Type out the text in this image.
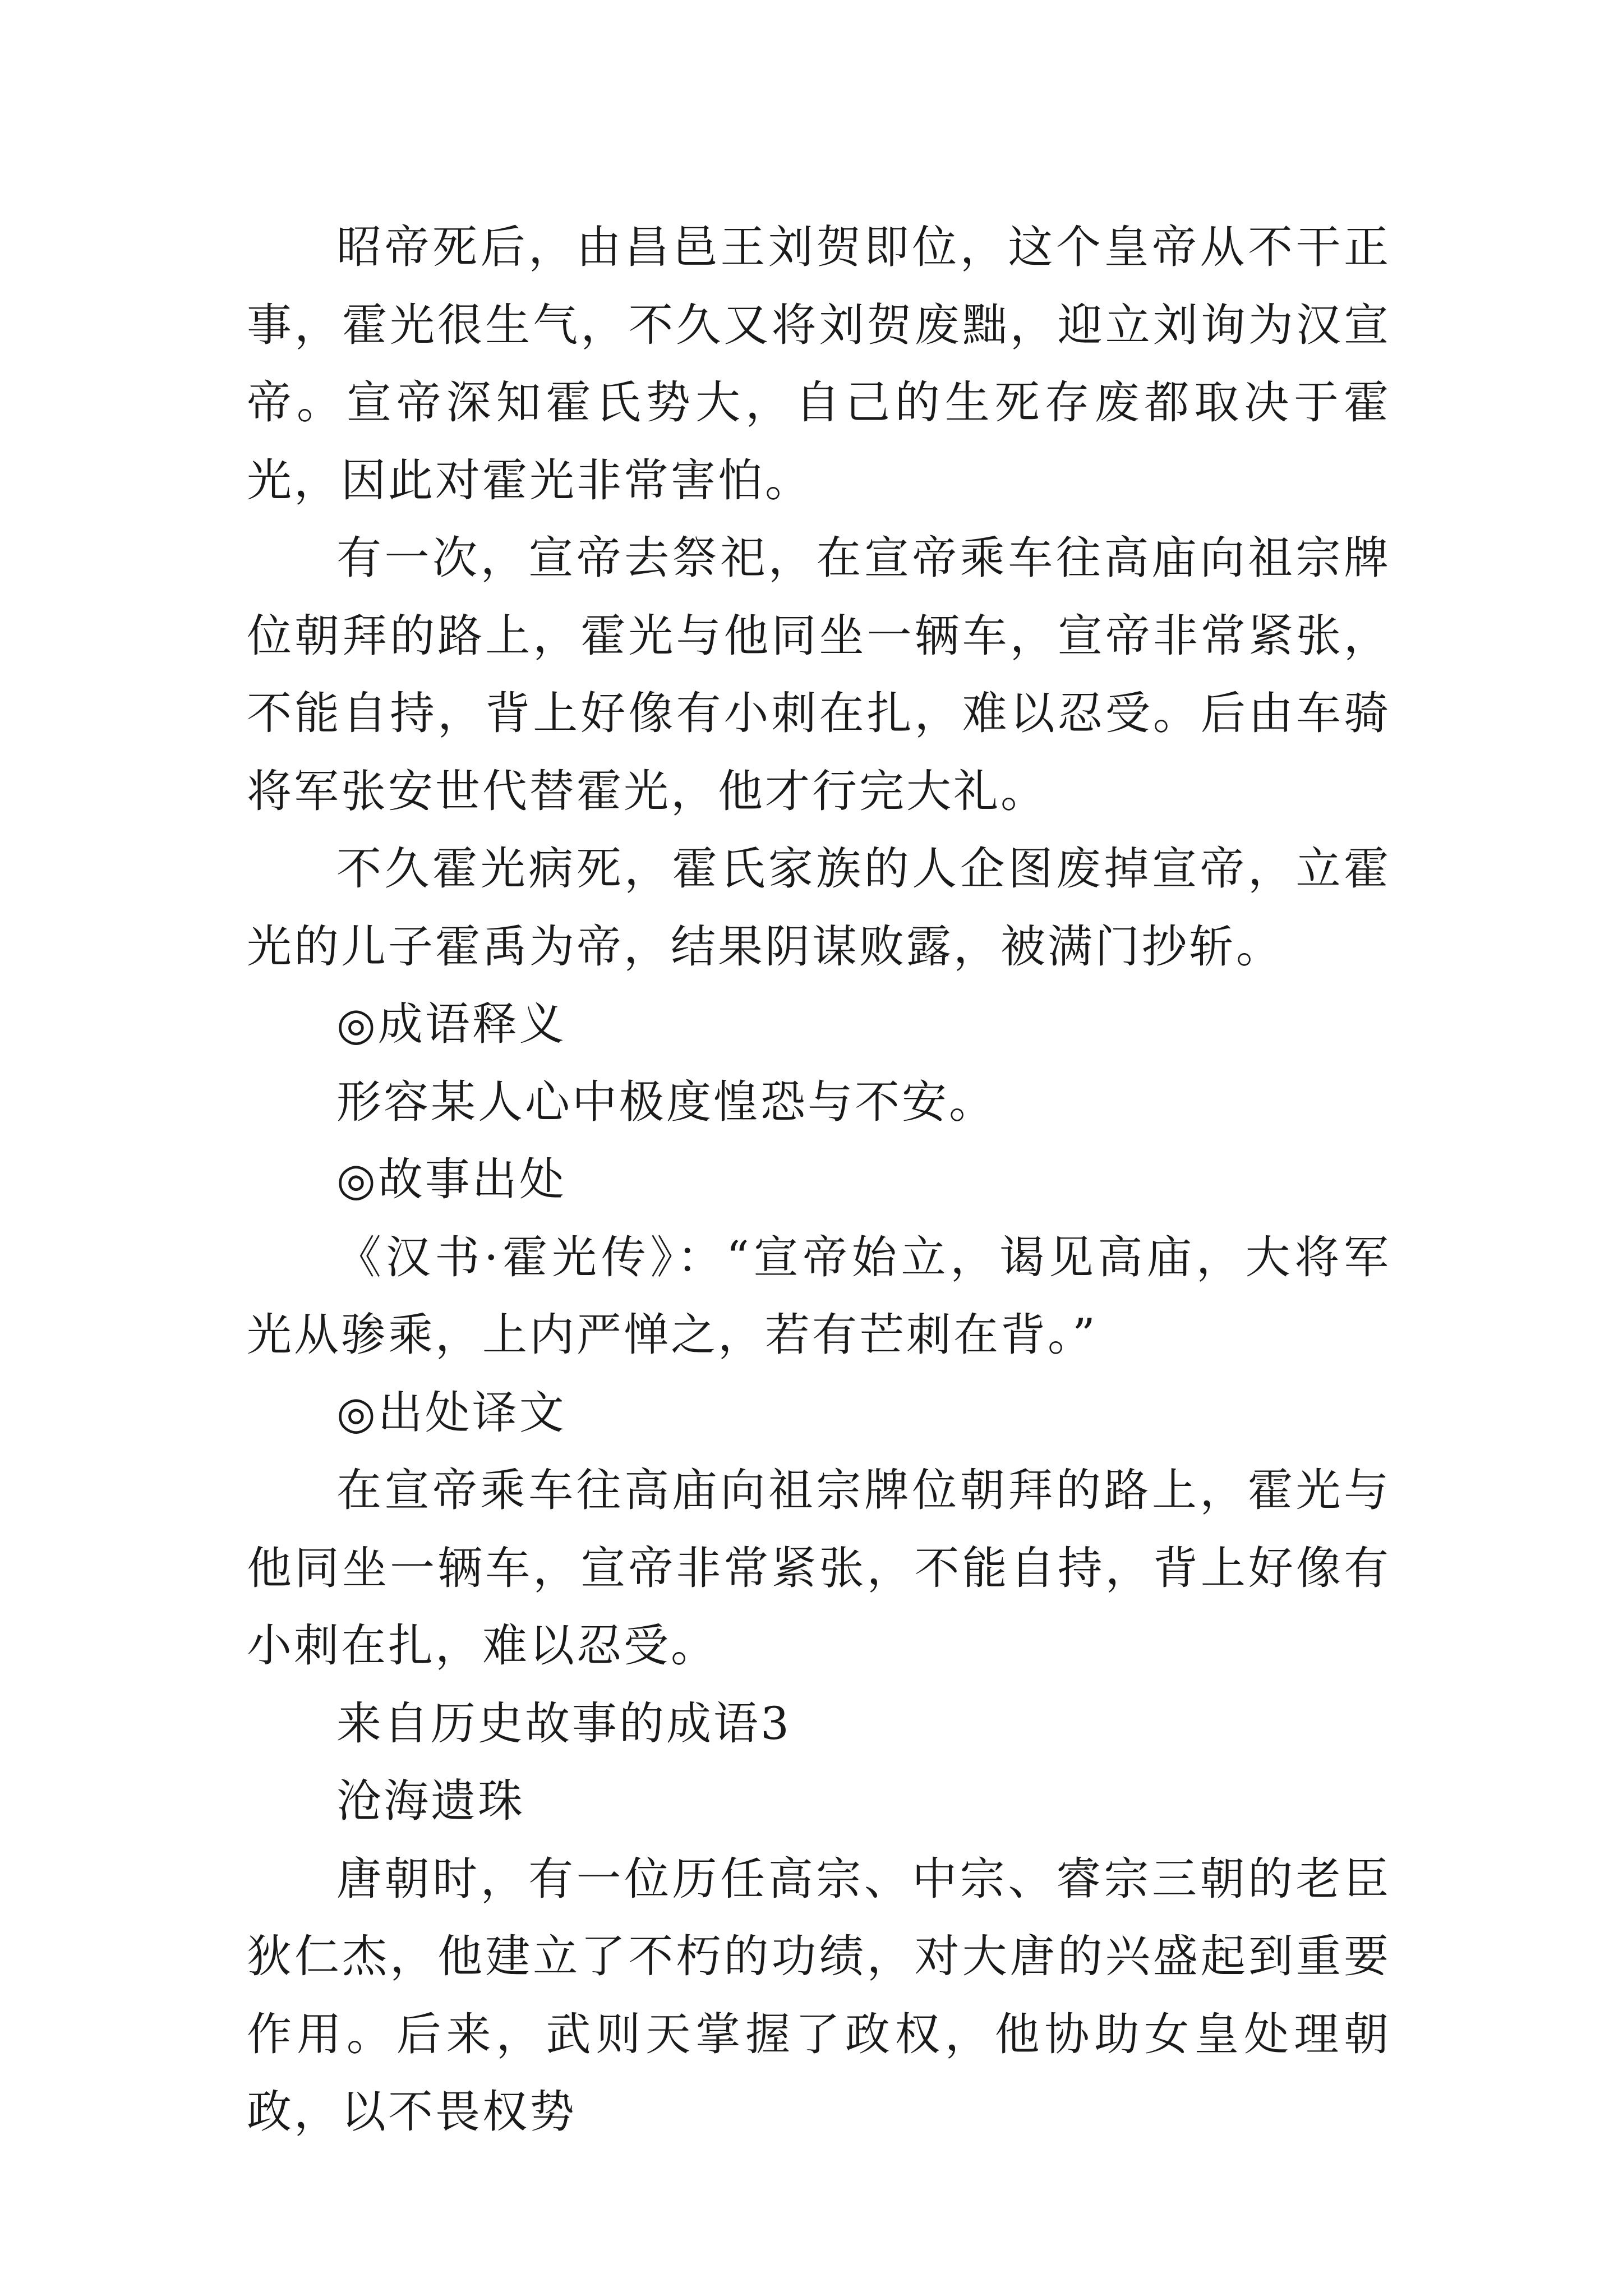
昭帝死后，由昌邑王刘贺即位，这个皇帝从不干正事，霍光很生气，不久又将刘贺废黜，迎立刘询为汉宣帝。宣帝深知霍氏势大，自己的生死存废都取决于霍光，因此对霍光非常害怕。

有一次，宣帝去祭祀，在宣帝乘车往高庙向祖宗牌位朝拜的路上，霍光与他同坐一辆车，宣帝非常紧张，不能自持，背上好像有小刺在扎，难以忍受。后由车骑将军张安世代替霍光，他才行完大礼。

不久霍光病死，霍氏家族的人企图废掉宣帝，立霍光的儿子霍禹为帝，结果阴谋败露，被满门抄斩。

◎成语释义

形容某人心中极度惶恐与不安。

◎故事出处

《汉书·霍光传》：“宣帝始立，谒见高庙，大将军光从骖乘，上内严惮之，若有芒刺在背。”

◎出处译文

在宣帝乘车往高庙向祖宗牌位朝拜的路上，霍光与他同坐一辆车，宣帝非常紧张，不能自持，背上好像有小刺在扎，难以忍受。

来自历史故事的成语3

沧海遗珠

唐朝时，有一位历任高宗、中宗、睿宗三朝的老臣狄仁杰，他建立了不朽的功绩，对大唐的兴盛起到重要作用。后来，武则天掌握了政权，他协助女皇处理朝政，以不畏权势
